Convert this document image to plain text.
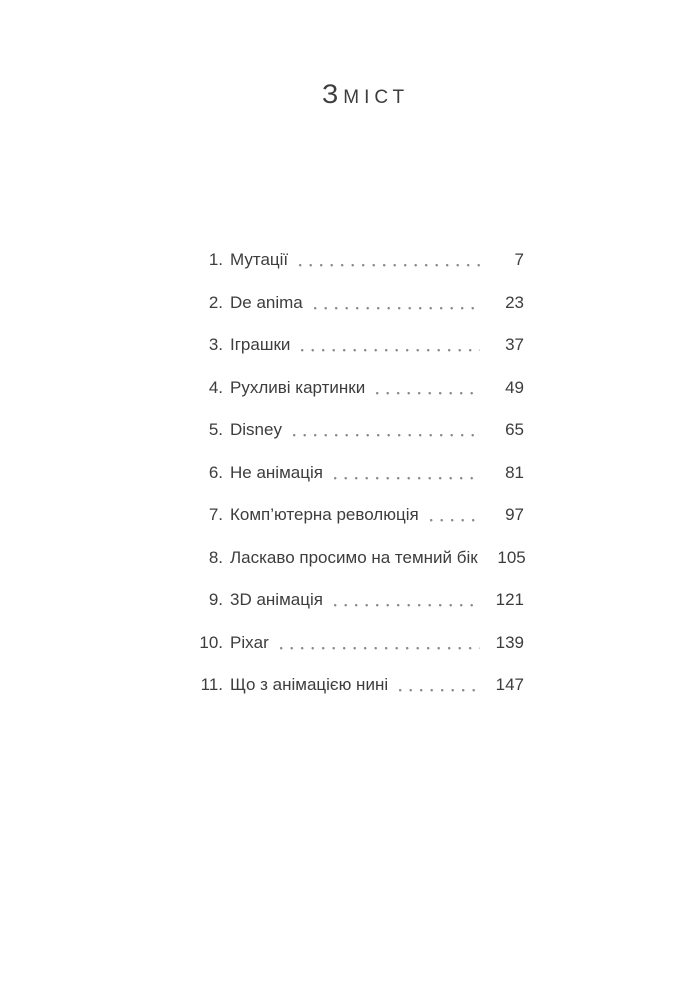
Зміст
1. Мутації	7
2. De anima	23
3. Іграшки	37
4. Рухливі картинки	49
5. Disney	65
6. Не анімація	81
7. Комп’ютерна революція	97
8. Ласкаво просимо на темний бік	105
9. 3D анімація	121
10. Pixar	139
11. Що з анімацією нині	147
